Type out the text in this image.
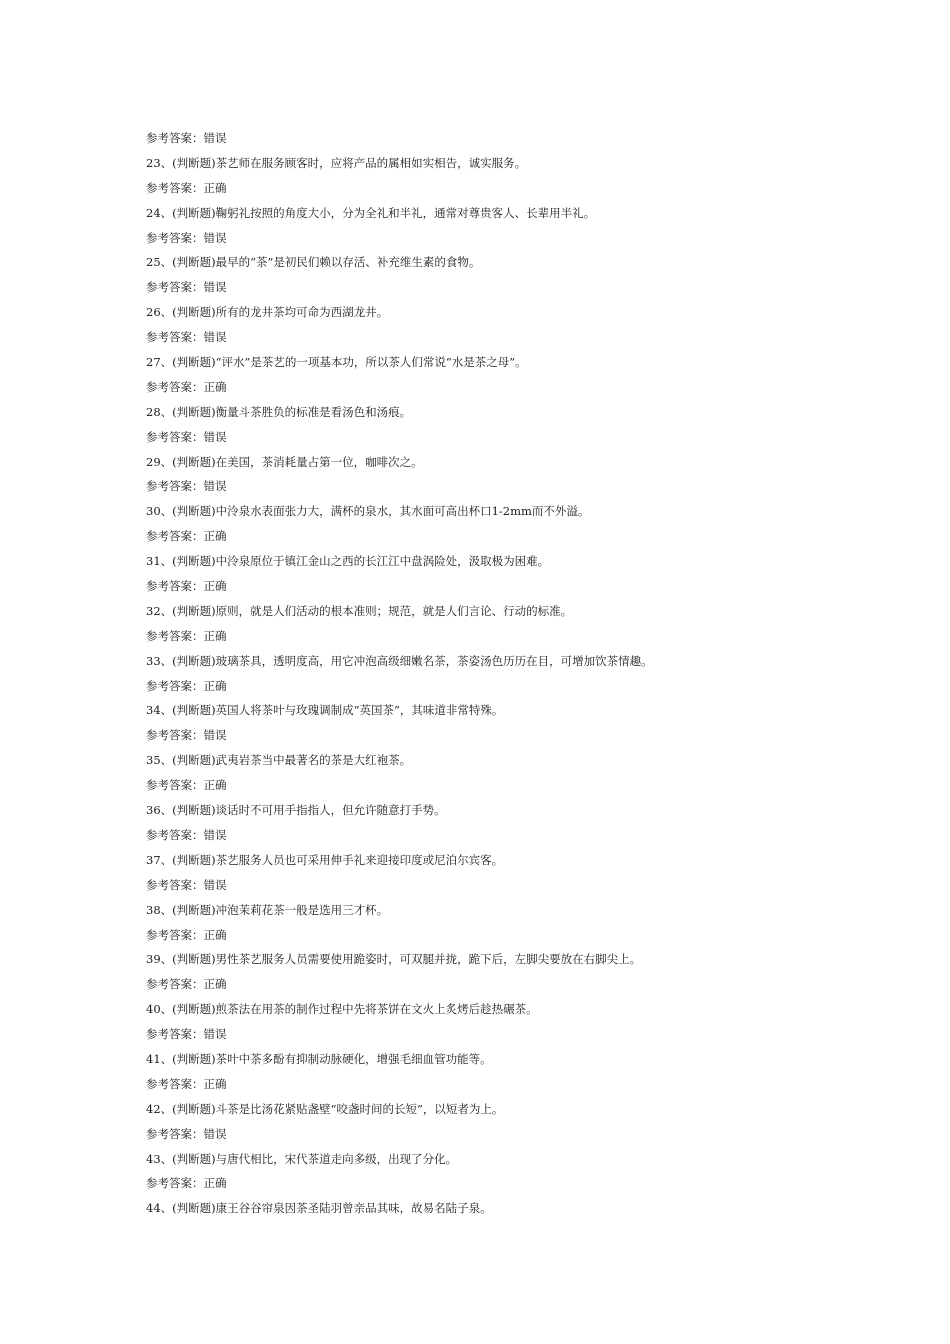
参考答案：错误
23、(判断题)茶艺师在服务顾客时，应将产品的属相如实相告，诚实服务。
参考答案：正确
24、(判断题)鞠躬礼按照的角度大小，分为全礼和半礼，通常对尊贵客人、长辈用半礼。
参考答案：错误
25、(判断题)最早的“茶”是初民们赖以存活、补充维生素的食物。
参考答案：错误
26、(判断题)所有的龙井茶均可命为西湖龙井。
参考答案：错误
27、(判断题)“评水”是茶艺的一项基本功，所以茶人们常说“水是茶之母”。
参考答案：正确
28、(判断题)衡量斗茶胜负的标准是看汤色和汤痕。
参考答案：错误
29、(判断题)在美国，茶消耗量占第一位，咖啡次之。
参考答案：错误
30、(判断题)中泠泉水表面张力大，满杯的泉水，其水面可高出杯口1-2mm而不外溢。
参考答案：正确
31、(判断题)中泠泉原位于镇江金山之西的长江江中盘涡险处，汲取极为困难。
参考答案：正确
32、(判断题)原则，就是人们活动的根本准则；规范，就是人们言论、行动的标准。
参考答案：正确
33、(判断题)玻璃茶具，透明度高，用它冲泡高级细嫩名茶，茶姿汤色历历在目，可增加饮茶情趣。
参考答案：正确
34、(判断题)英国人将茶叶与玫瑰调制成“英国茶”，其味道非常特殊。
参考答案：错误
35、(判断题)武夷岩茶当中最著名的茶是大红袍茶。
参考答案：正确
36、(判断题)谈话时不可用手指指人，但允许随意打手势。
参考答案：错误
37、(判断题)茶艺服务人员也可采用伸手礼来迎接印度或尼泊尔宾客。
参考答案：错误
38、(判断题)冲泡茉莉花茶一般是选用三才杯。
参考答案：正确
39、(判断题)男性茶艺服务人员需要使用跪姿时，可双腿并拢，跪下后，左脚尖要放在右脚尖上。
参考答案：正确
40、(判断题)煎茶法在用茶的制作过程中先将茶饼在文火上炙烤后趁热碾茶。
参考答案：错误
41、(判断题)茶叶中茶多酚有抑制动脉硬化，增强毛细血管功能等。
参考答案：正确
42、(判断题)斗茶是比汤花紧贴盏壁“咬盏时间的长短”，以短者为上。
参考答案：错误
43、(判断题)与唐代相比，宋代茶道走向多级，出现了分化。
参考答案：正确
44、(判断题)康王谷谷帘泉因茶圣陆羽曾亲品其味，故易名陆子泉。
